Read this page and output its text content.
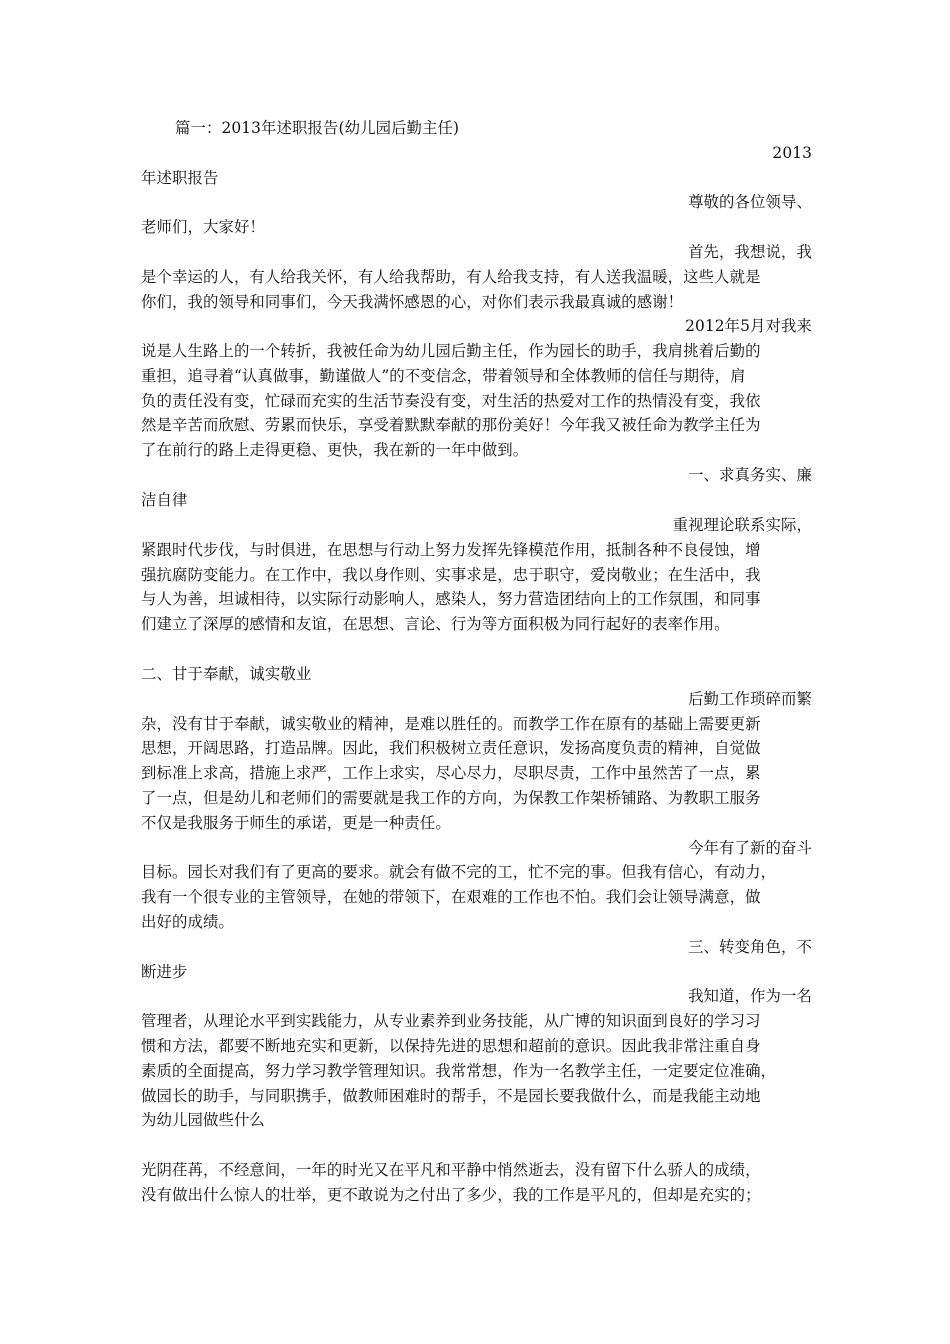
篇一：2013年述职报告(幼儿园后勤主任)
2013
年述职报告
尊敬的各位领导、
老师们，大家好！
首先，我想说，我
是个幸运的人，有人给我关怀，有人给我帮助，有人给我支持，有人送我温暖，这些人就是
你们，我的领导和同事们，今天我满怀感恩的心，对你们表示我最真诚的感谢！
2012年5月对我来
说是人生路上的一个转折，我被任命为幼儿园后勤主任，作为园长的助手，我肩挑着后勤的
重担，追寻着“认真做事，勤谨做人”的不变信念，带着领导和全体教师的信任与期待，肩
负的责任没有变，忙碌而充实的生活节奏没有变，对生活的热爱对工作的热情没有变，我依
然是辛苦而欣慰、劳累而快乐，享受着默默奉献的那份美好！今年我又被任命为教学主任为
了在前行的路上走得更稳、更快，我在新的一年中做到。
一、求真务实、廉
洁自律
重视理论联系实际，
紧跟时代步伐，与时俱进，在思想与行动上努力发挥先锋模范作用，抵制各种不良侵蚀，增
强抗腐防变能力。在工作中，我以身作则、实事求是，忠于职守，爱岗敬业；在生活中，我
与人为善，坦诚相待，以实际行动影响人，感染人，努力营造团结向上的工作氛围，和同事
们建立了深厚的感情和友谊，在思想、言论、行为等方面积极为同行起好的表率作用。
二、甘于奉献，诚实敬业
后勤工作琐碎而繁
杂，没有甘于奉献，诚实敬业的精神，是难以胜任的。而教学工作在原有的基础上需要更新
思想，开阔思路，打造品牌。因此，我们积极树立责任意识，发扬高度负责的精神，自觉做
到标准上求高，措施上求严，工作上求实，尽心尽力，尽职尽责，工作中虽然苦了一点，累
了一点，但是幼儿和老师们的需要就是我工作的方向，为保教工作架桥铺路、为教职工服务
不仅是我服务于师生的承诺，更是一种责任。
今年有了新的奋斗
目标。园长对我们有了更高的要求。就会有做不完的工，忙不完的事。但我有信心，有动力，
我有一个很专业的主管领导，在她的带领下，在艰难的工作也不怕。我们会让领导满意，做
出好的成绩。
三、转变角色，不
断进步
我知道，作为一名
管理者，从理论水平到实践能力，从专业素养到业务技能，从广博的知识面到良好的学习习
惯和方法，都要不断地充实和更新，以保持先进的思想和超前的意识。因此我非常注重自身
素质的全面提高，努力学习教学管理知识。我常常想，作为一名教学主任，一定要定位准确，
做园长的助手，与同职携手，做教师困难时的帮手，不是园长要我做什么，而是我能主动地
为幼儿园做些什么
光阴荏苒，不经意间，一年的时光又在平凡和平静中悄然逝去，没有留下什么骄人的成绩，
没有做出什么惊人的壮举，更不敢说为之付出了多少，我的工作是平凡的，但却是充实的；
